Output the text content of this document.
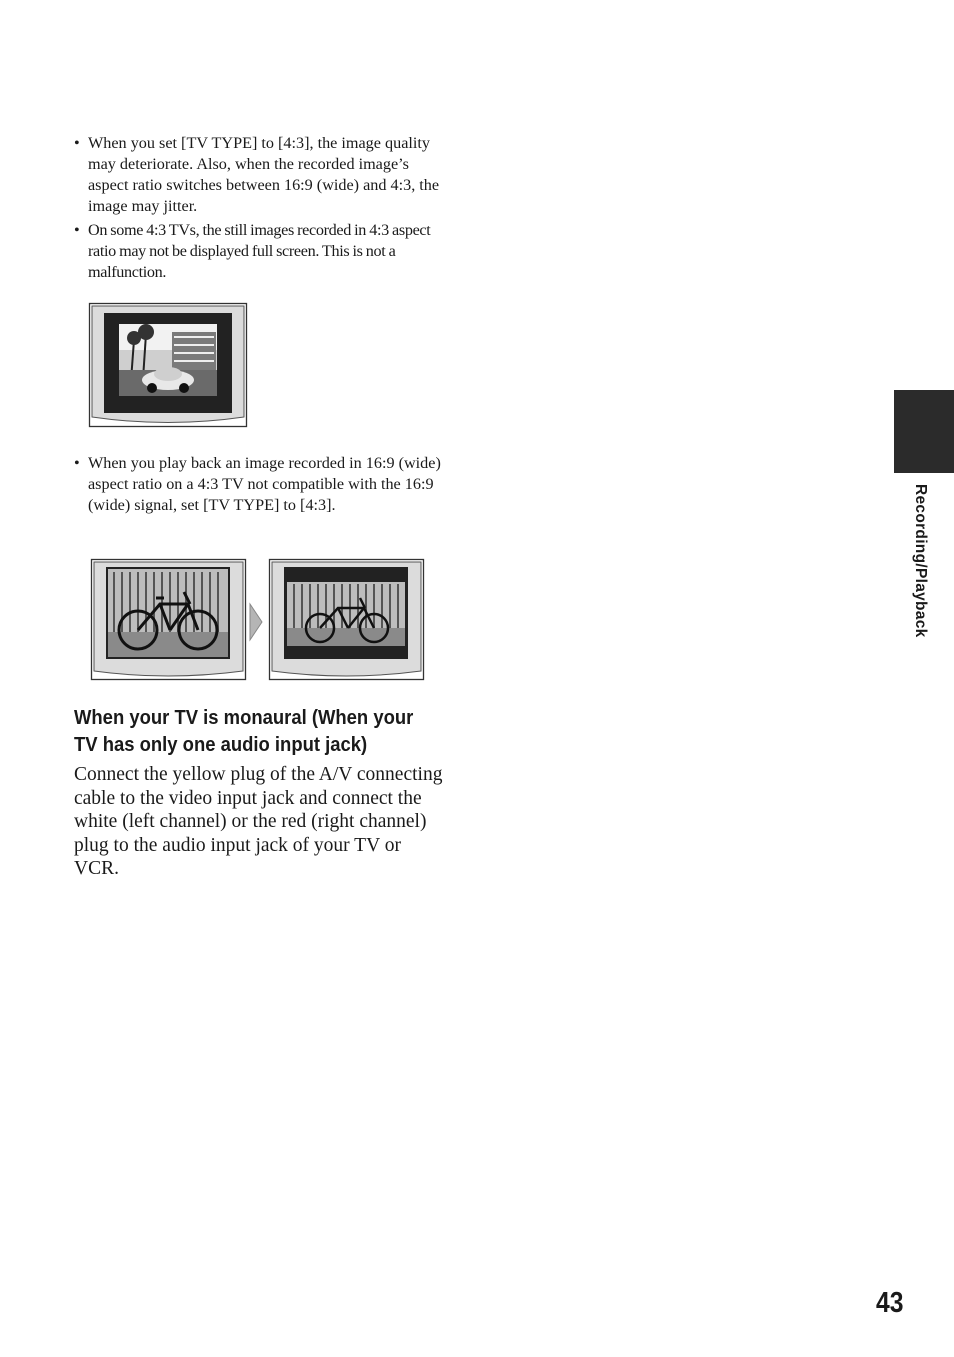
• When you set [TV TYPE] to [4:3], the image quality may deteriorate. Also, when the recorded image’s aspect ratio switches between 16:9 (wide) and 4:3, the image may jitter.
• On some 4:3 TVs, the still images recorded in 4:3 aspect ratio may not be displayed full screen. This is not a malfunction.
• When you play back an image recorded in 16:9 (wide) aspect ratio on a 4:3 TV not compatible with the 16:9 (wide) signal, set [TV TYPE] to [4:3].
When your TV is monaural (When your
TV has only one audio input jack)

Connect the yellow plug of the A/V connecting cable to the video input jack and connect the white (left channel) or the red (right channel) plug to the audio input jack of your TV or VCR.

Recording/Playback
43
